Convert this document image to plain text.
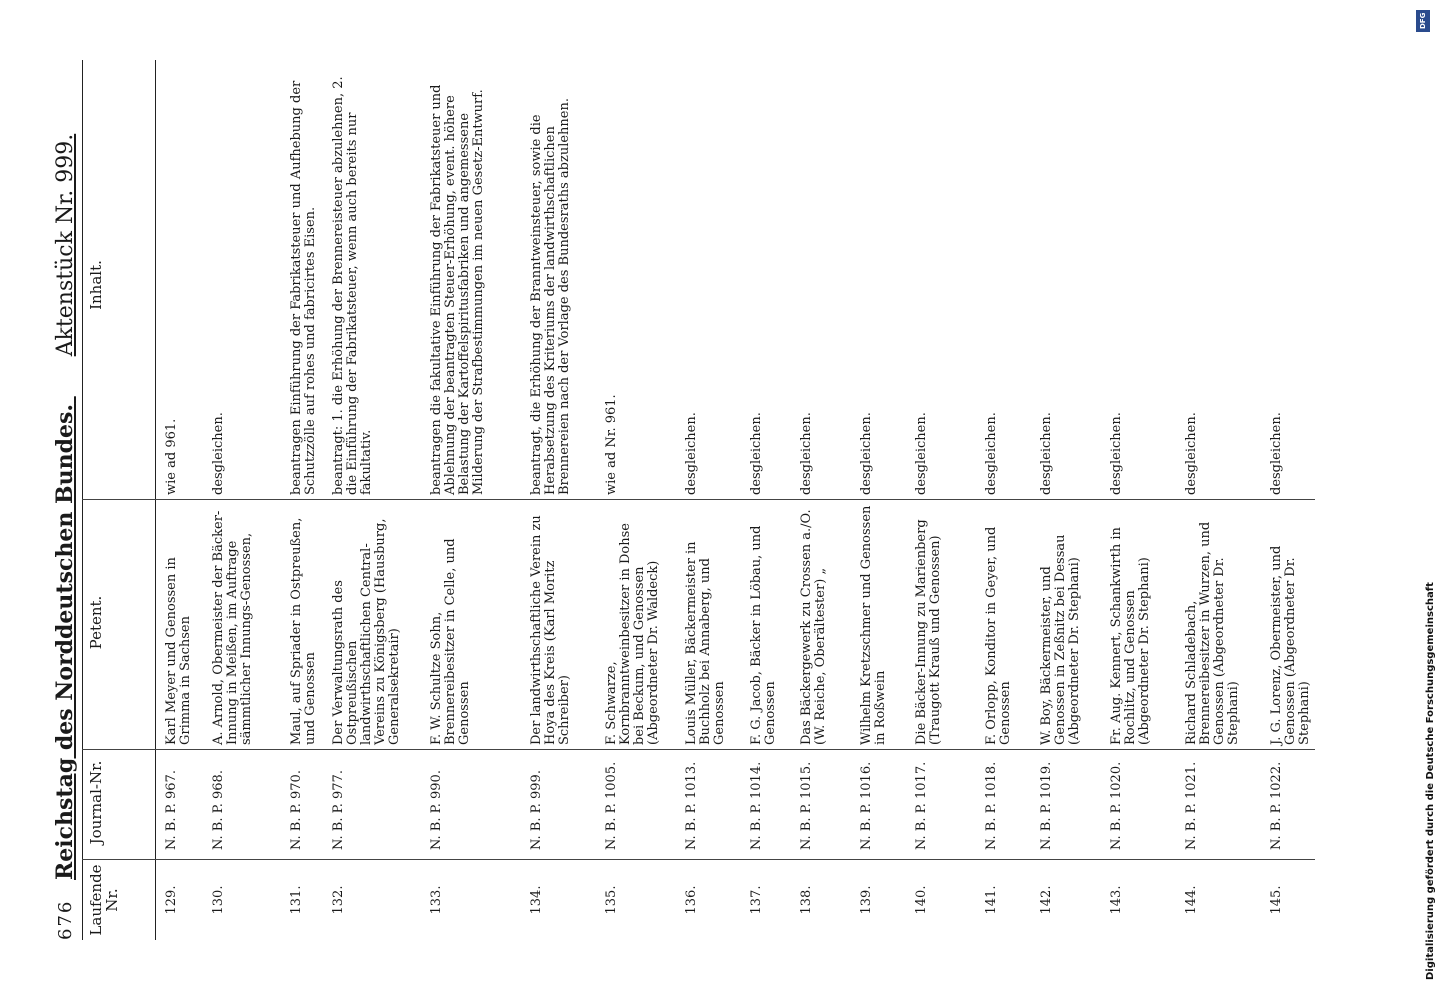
676
Reichstag des Norddeutschen Bundes. Aktenstück Nr. 999.
Laufende Nr.
Journal-Nr.
Petent.
Inhalt.
129.
N. B. P. 967.
Karl Meyer und Genossen in Grimma in Sachsen
wie ad 961.
130.
N. B. P. 968.
A. Arnold, Obermeister der Bäcker-Innung in Meißen, im Auftrage sämmtlicher Innungs-Genossen,
desgleichen.
131.
N. B. P. 970.
Maul, auf Spriader in Ostpreußen, und Genossen
beantragen Einführung der Fabrikatsteuer und Aufhebung der Schutzzölle auf rohes und fabricirtes Eisen.
132.
N. B. P. 977.
Der Verwaltungsrath des Ostpreußischen landwirthschaftlichen Central-Vereins zu Königsberg (Hausburg, Generalsekretair)
beantragt: 1. die Erhöhung der Brennereisteuer abzulehnen, 2. die Einführung der Fabrikatsteuer, wenn auch bereits nur fakultativ.
133.
N. B. P. 990.
F. W. Schultze Sohn, Brennereibesitzer in Celle, und Genossen
beantragen die fakultative Einführung der Fabrikatsteuer und Ablehnung der beantragten Steuer-Erhöhung, event. höhere Belastung der Kartoffelspiritusfabriken und angemessene Milderung der Strafbestimmungen im neuen Gesetz-Entwurf.
134.
N. B. P. 999.
Der landwirthschaftliche Verein zu Hoya des Kreis (Karl Moritz Schreiber)
beantragt, die Erhöhung der Branntweinsteuer, sowie die Herabsetzung des Kriteriums der landwirthschaftlichen Brennereien nach der Vorlage des Bundesraths abzulehnen.
135.
N. B. P. 1005.
F. Schwarze, Kornbranntweinbesitzer in Dohse bei Beckum, und Genossen (Abgeordneter Dr. Waldeck)
wie ad Nr. 961.
136.
N. B. P. 1013.
Louis Müller, Bäckermeister in Buchholz bei Annaberg, und Genossen
desgleichen.
137.
N. B. P. 1014.
F. G. Jacob, Bäcker in Löbau, und Genossen
desgleichen.
138.
N. B. P. 1015.
Das Bäckergewerk zu Crossen a./O. (W. Reiche, Oberältester) „
desgleichen.
139.
N. B. P. 1016.
Wilhelm Kretzschmer und Genossen in Roßwein
desgleichen.
140.
N. B. P. 1017.
Die Bäcker-Innung zu Marienberg (Traugott Krauß und Genossen)
desgleichen.
141.
N. B. P. 1018.
F. Orlopp, Konditor in Geyer, und Genossen
desgleichen.
142.
N. B. P. 1019.
W. Boy, Bäckermeister, und Genossen in Zeßnitz bei Dessau (Abgeordneter Dr. Stephani)
desgleichen.
143.
N. B. P. 1020.
Fr. Aug. Kennert, Schankwirth in Rochlitz, und Genossen (Abgeordneter Dr. Stephani)
desgleichen.
144.
N. B. P. 1021.
Richard Schladebach, Brennereibesitzer in Wurzen, und Genossen (Abgeordneter Dr. Stephani)
desgleichen.
145.
N. B. P. 1022.
J. G. Lorenz, Obermeister, und Genossen (Abgeordneter Dr. Stephani)
desgleichen.
DFG
Digitalisierung gefördert durch die Deutsche Forschungsgemeinschaft
